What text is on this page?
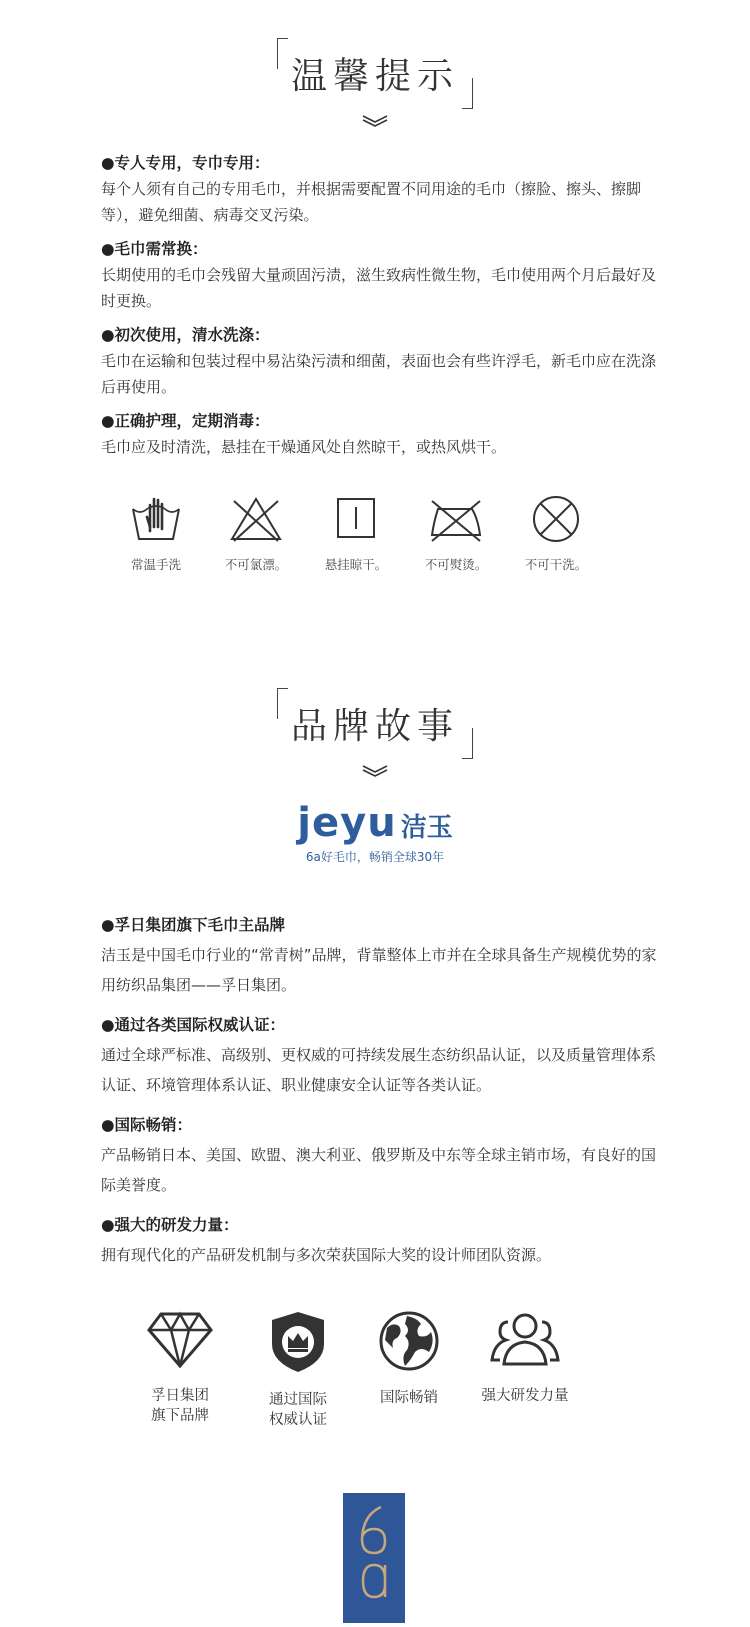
温馨提示
●专人专用，专巾专用：
每个人须有自己的专用毛巾，并根据需要配置不同用途的毛巾（擦脸、擦头、擦脚等），避免细菌、病毒交叉污染。
●毛巾需常换：
长期使用的毛巾会残留大量顽固污渍，滋生致病性微生物，毛巾使用两个月后最好及时更换。
●初次使用，清水洗涤：
毛巾在运输和包装过程中易沾染污渍和细菌，表面也会有些许浮毛，新毛巾应在洗涤后再使用。
●正确护理，定期消毒：
毛巾应及时清洗，悬挂在干燥通风处自然晾干，或热风烘干。
常温手洗	不可氯漂。	悬挂晾干。	不可熨烫。	不可干洗。
品牌故事
jeyu 洁玉
6a好毛巾，畅销全球30年
●孚日集团旗下毛巾主品牌
洁玉是中国毛巾行业的“常青树”品牌，背靠整体上市并在全球具备生产规模优势的家用纺织品集团——孚日集团。
●通过各类国际权威认证：
通过全球严标准、高级别、更权威的可持续发展生态纺织品认证，以及质量管理体系认证、环境管理体系认证、职业健康安全认证等各类认证。
●国际畅销：
产品畅销日本、美国、欧盟、澳大利亚、俄罗斯及中东等全球主销市场，有良好的国际美誉度。
●强大的研发力量：
拥有现代化的产品研发机制与多次荣获国际大奖的设计师团队资源。
孚日集团
旗下品牌
通过国际
权威认证
国际畅销	强大研发力量
